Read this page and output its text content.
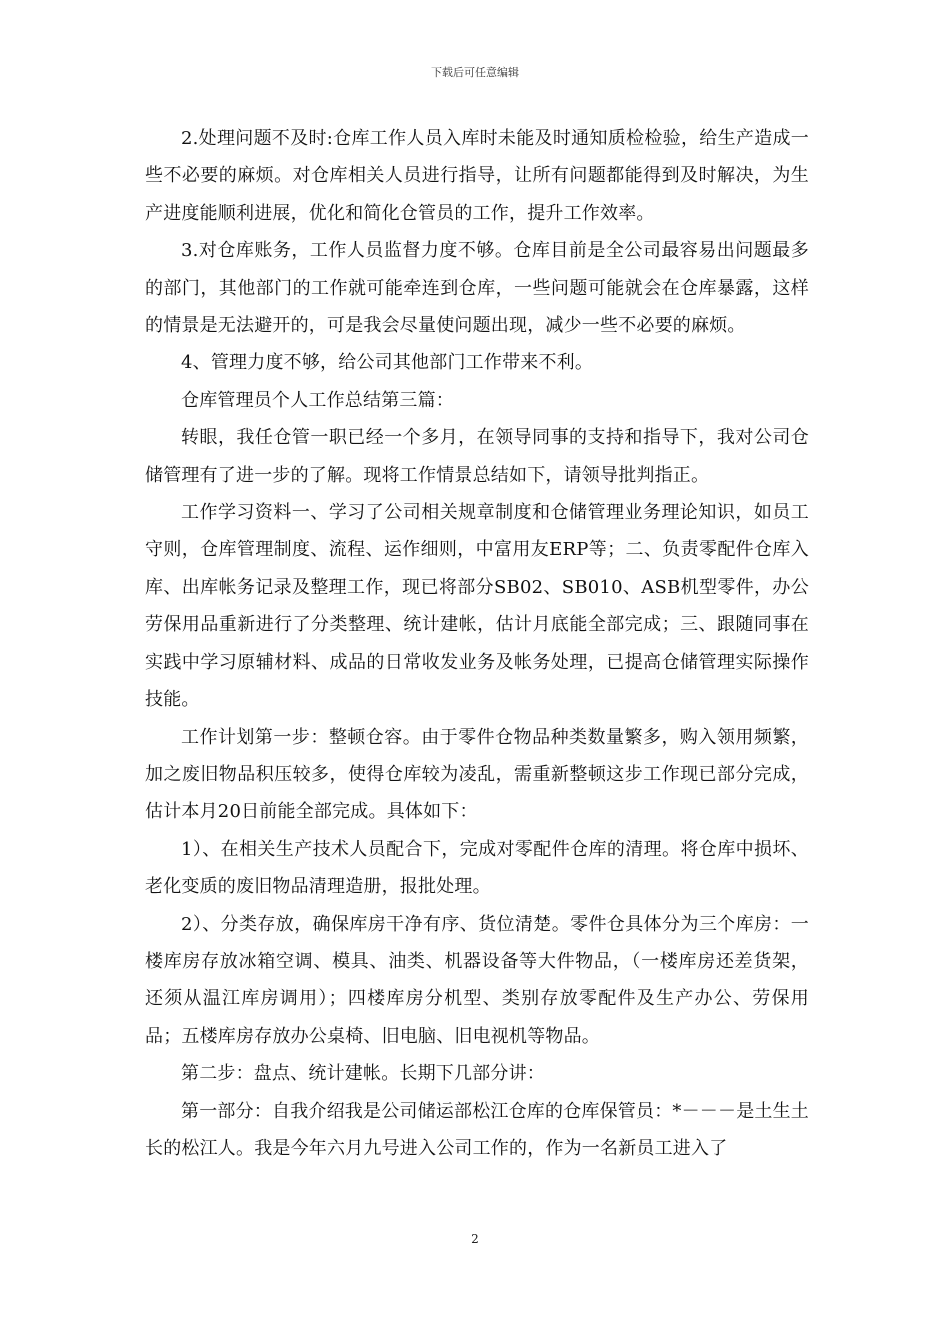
下载后可任意编辑

2.处理问题不及时:仓库工作人员入库时未能及时通知质检检验，给生产造成一些不必要的麻烦。对仓库相关人员进行指导，让所有问题都能得到及时解决，为生产进度能顺利进展，优化和简化仓管员的工作，提升工作效率。

3.对仓库账务，工作人员监督力度不够。仓库目前是全公司最容易出问题最多的部门，其他部门的工作就可能牵连到仓库，一些问题可能就会在仓库暴露，这样的情景是无法避开的，可是我会尽量使问题出现，减少一些不必要的麻烦。

4、管理力度不够，给公司其他部门工作带来不利。

仓库管理员个人工作总结第三篇：

转眼，我任仓管一职已经一个多月，在领导同事的支持和指导下，我对公司仓储管理有了进一步的了解。现将工作情景总结如下，请领导批判指正。

工作学习资料一、学习了公司相关规章制度和仓储管理业务理论知识，如员工守则，仓库管理制度、流程、运作细则，中富用友ERP等；二、负责零配件仓库入库、出库帐务记录及整理工作，现已将部分SB02、SB010、ASB机型零件，办公劳保用品重新进行了分类整理、统计建帐，估计月底能全部完成；三、跟随同事在实践中学习原辅材料、成品的日常收发业务及帐务处理，已提高仓储管理实际操作技能。

工作计划第一步：整顿仓容。由于零件仓物品种类数量繁多，购入领用频繁，加之废旧物品积压较多，使得仓库较为凌乱，需重新整顿这步工作现已部分完成，估计本月20日前能全部完成。具体如下：

1）、在相关生产技术人员配合下，完成对零配件仓库的清理。将仓库中损坏、老化变质的废旧物品清理造册，报批处理。

2）、分类存放，确保库房干净有序、货位清楚。零件仓具体分为三个库房：一楼库房存放冰箱空调、模具、油类、机器设备等大件物品，（一楼库房还差货架，还须从温江库房调用）；四楼库房分机型、类别存放零配件及生产办公、劳保用品；五楼库房存放办公桌椅、旧电脑、旧电视机等物品。

第二步：盘点、统计建帐。长期下几部分讲：

第一部分：自我介绍我是公司储运部松江仓库的仓库保管员：*－－－是土生土长的松江人。我是今年六月九号进入公司工作的，作为一名新员工进入了

2
